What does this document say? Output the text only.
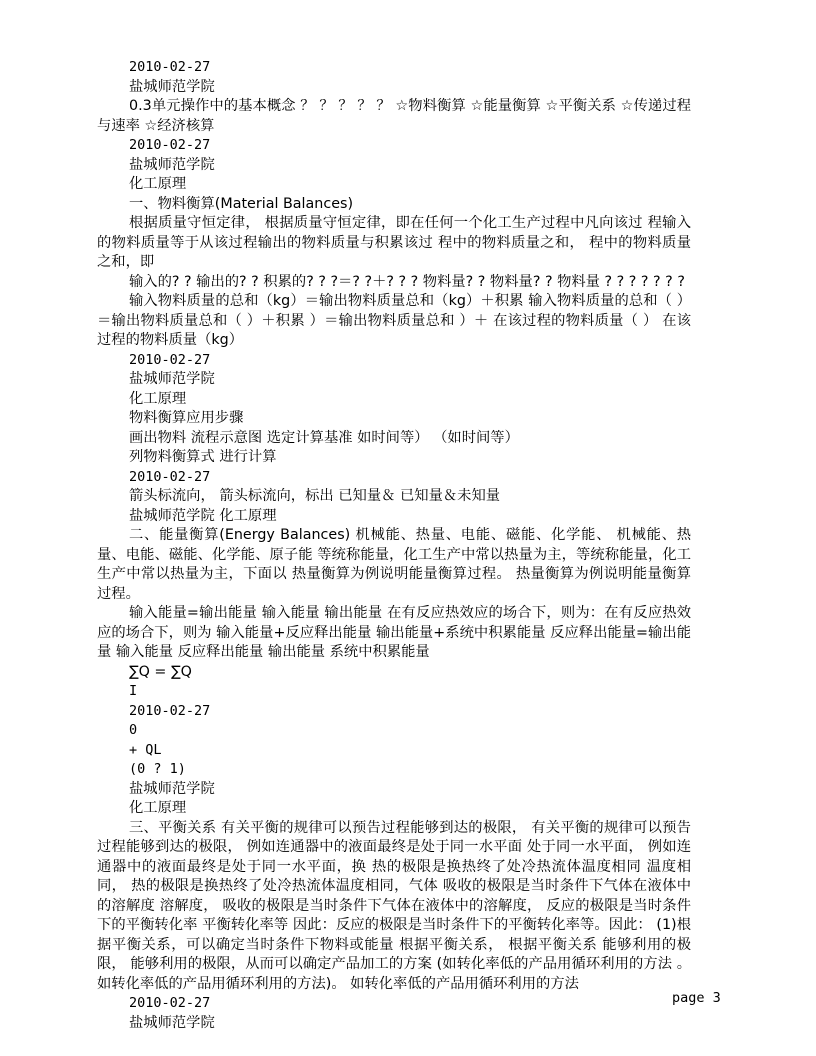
2010-02-27
盐城师范学院
0.3单元操作中的基本概念 ？ ？ ？ ？ ？ ☆物料衡算 ☆能量衡算 ☆平衡关系 ☆传递过程与速率 ☆经济核算
2010-02-27
盐城师范学院
化工原理
一、物料衡算(Material Balances)
根据质量守恒定律， 根据质量守恒定律，即在任何一个化工生产过程中凡向该过 程输入的物料质量等于从该过程输出的物料质量与积累该过 程中的物料质量之和， 程中的物料质量之和，即
输入的? ? 输出的? ? 积累的? ? ?＝? ?＋? ? ? 物料量? ? 物料量? ? 物料量 ? ? ? ? ? ? ?
输入物料质量的总和（kg）＝输出物料质量总和（kg）＋积累 输入物料质量的总和（ ）＝输出物料质量总和（ ）＋积累 ）＝输出物料质量总和 ）＋ 在该过程的物料质量（ ） 在该过程的物料质量（kg）
2010-02-27
盐城师范学院
化工原理
物料衡算应用步骤
画出物料 流程示意图 选定计算基准 如时间等） （如时间等）
列物料衡算式 进行计算
2010-02-27
箭头标流向， 箭头标流向，标出 已知量＆ 已知量＆未知量
盐城师范学院 化工原理
二、能量衡算(Energy Balances) 机械能、热量、电能、磁能、化学能、 机械能、热量、电能、磁能、化学能、原子能 等统称能量，化工生产中常以热量为主，等统称能量，化工生产中常以热量为主，下面以 热量衡算为例说明能量衡算过程。 热量衡算为例说明能量衡算过程。
输入能量=输出能量 输入能量 输出能量 在有反应热效应的场合下，则为：在有反应热效应的场合下，则为 输入能量+反应释出能量 输出能量+系统中积累能量 反应释出能量=输出能量 输入能量 反应释出能量 输出能量 系统中积累能量
∑Q = ∑Q
I
2010-02-27
0
+ QL
(0 ? 1)
盐城师范学院
化工原理
三、平衡关系 有关平衡的规律可以预告过程能够到达的极限， 有关平衡的规律可以预告过程能够到达的极限， 例如连通器中的液面最终是处于同一水平面 处于同一水平面， 例如连通器中的液面最终是处于同一水平面，换 热的极限是换热终了处冷热流体温度相同 温度相同， 热的极限是换热终了处冷热流体温度相同，气体 吸收的极限是当时条件下气体在液体中的溶解度 溶解度， 吸收的极限是当时条件下气体在液体中的溶解度， 反应的极限是当时条件下的平衡转化率 平衡转化率等 因此：反应的极限是当时条件下的平衡转化率等。因此： (1)根据平衡关系，可以确定当时条件下物料或能量 根据平衡关系， 根据平衡关系 能够利用的极限， 能够利用的极限，从而可以确定产品加工的方案 (如转化率低的产品用循环利用的方法 。 如转化率低的产品用循环利用的方法)。 如转化率低的产品用循环利用的方法
2010-02-27
盐城师范学院
page 3
